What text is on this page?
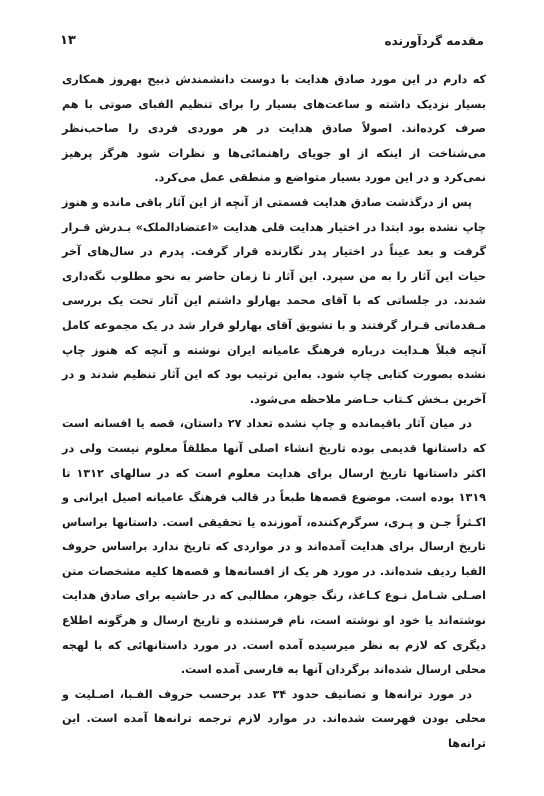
مقدمه گردآورنده
۱۳

که دارم در این مورد صادق هدایت با دوست دانشمندش ذبیح بهروز همکاری بسیار نزدیک داشته و ساعت‌های بسیار را برای تنظیم الفبای صوتی با هم صرف کرده‌اند. اصولاً صادق هدایت در هر موردی فردی را صاحب‌نظر می‌شناخت از اینکه از او جویای راهنمائی‌ها و نظرات شود هرگز پرهیز نمی‌کرد و در این مورد بسیار متواضع و منطقی عمل می‌کرد.

پس از درگذشت صادق هدایت قسمتی از آنچه از این آثار باقی مانده و هنوز چاپ نشده بود ابتدا در اختیار هدایت قلی هدایت «اعتضادالملک» بـدرش قـرار گرفت و بعد عیناً در اختیار پدر نگارنده قرار گرفت. پدرم در سال‌های آخر حیات این آثار را به من سپرد. این آثار تا زمان حاضر به نحو مطلوب نگه‌داری شدند. در جلساتی که با آقای محمد بهارلو داشتم این آثار تحت یک بررسی مـقدماتی قـرار گرفتند و با تشویق آقای بهارلو قرار شد در یک مجموعه کامل آنچه قبلاً هـدایت درباره فرهنگ عامیانه ایران نوشته و آنچه که هنوز چاپ نشده بصورت کتابی چاپ شود. به‌این ترتیب بود که این آثار تنظیم شدند و در آخرین بـخش کـتاب حـاضر ملاحظه می‌شود.

در میان آثار باقیمانده و چاپ نشده تعداد ۲۷ داستان، قصه یا افسانه است که داستانها قدیمی بوده تاریخ انشاء اصلی آنها مطلقاً معلوم نیست ولی در اکثر داستانها تاریخ ارسال برای هدایت معلوم است که در سالهای ۱۳۱۲ تا ۱۳۱۹ بوده است. موضوع قصه‌ها طبعاً در قالب فرهنگ عامیانه اصیل ایرانی و اکـثراً جـن و پـری، سرگرم‌کننده، آموزنده یا تحقیقی است. داستانها براساس تاریخ ارسال برای هدایت آمده‌اند و در مواردی که تاریخ ندارد براساس حروف الفبا ردیف شده‌اند. در مورد هر یک از افسانه‌ها و قصه‌ها کلیه مشخصات متن اصـلی شـامل نـوع کـاغذ، رنگ جوهر، مطالبی که در حاشیه برای صادق هدایت نوشته‌اند یا خود او نوشته است، نام فرستنده و تاریخ ارسال و هرگونه اطلاع دیگری که لازم به نظر میرسیده آمده است. در مورد داستانهائی که با لهجه محلی ارسال شده‌اند برگردان آنها به فارسی آمده است.

در مورد ترانه‌ها و تصانیف حدود ۳۴ عدد برحسب حروف الفـبا، اصـلیت و محلی بودن فهرست شده‌اند. در موارد لازم ترجمه ترانه‌ها آمده است. این ترانه‌ها
